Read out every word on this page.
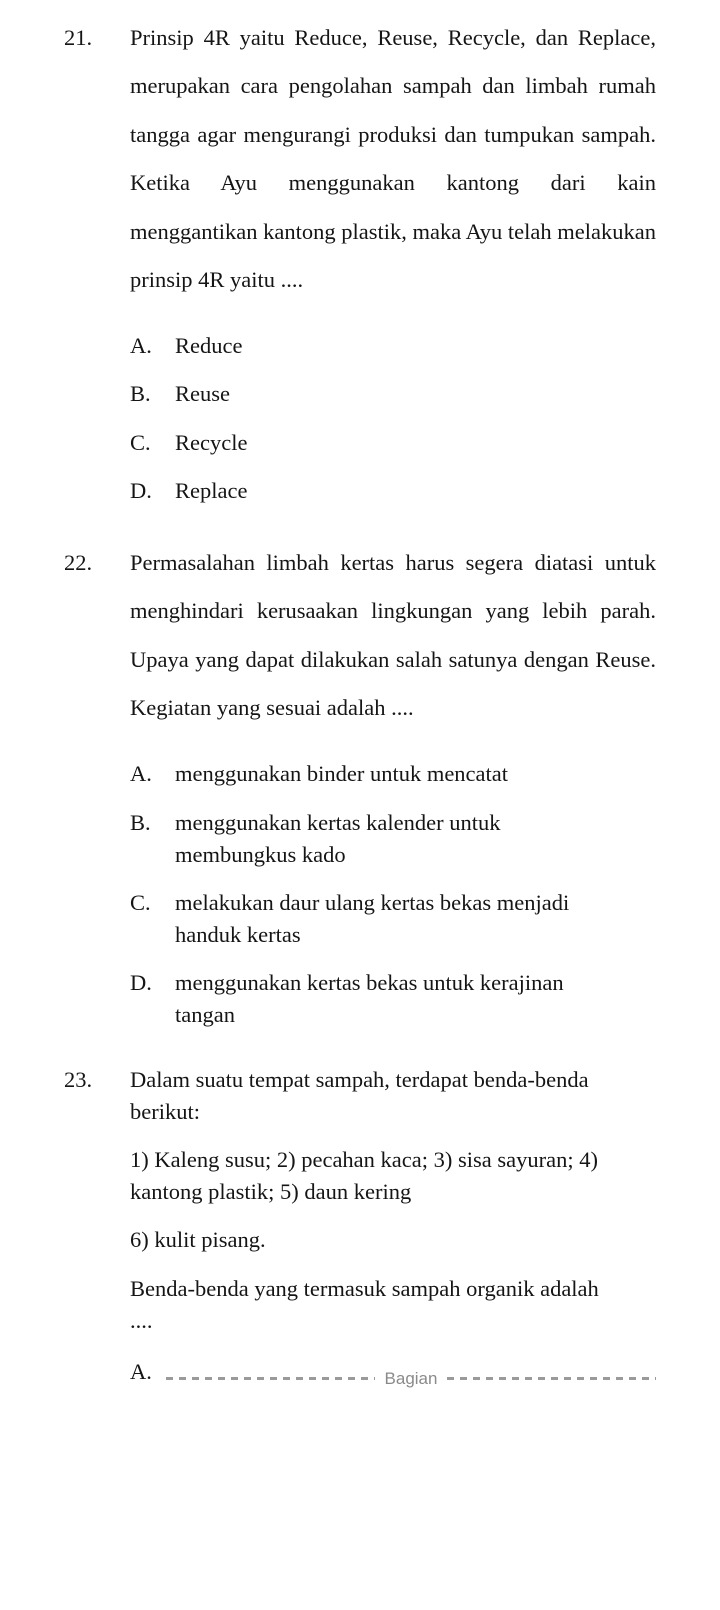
21.	Prinsip 4R yaitu Reduce, Reuse, Recycle, dan Replace, merupakan cara pengolahan sampah dan limbah rumah tangga agar mengurangi produksi dan tumpukan sampah. Ketika Ayu menggunakan kantong dari kain menggantikan kantong plastik, maka Ayu telah melakukan prinsip 4R yaitu ....

A.	Reduce
B.	Reuse
C.	Recycle
D.	Replace
22.	Permasalahan limbah kertas harus segera diatasi untuk menghindari kerusaakan lingkungan yang lebih parah. Upaya yang dapat dilakukan salah satunya dengan Reuse. Kegiatan yang sesuai adalah ....

A.	menggunakan binder untuk mencatat
B.	menggunakan kertas kalender untuk membungkus kado
C.	melakukan daur ulang kertas bekas menjadi handuk kertas
D.	menggunakan kertas bekas untuk kerajinan tangan
23.	Dalam suatu tempat sampah, terdapat benda-benda berikut:

1) Kaleng susu; 2) pecahan kaca; 3) sisa sayuran; 4) kantong plastik; 5) daun kering

6) kulit pisang.

Benda-benda yang termasuk sampah organik adalah ....

A.	Bagian
